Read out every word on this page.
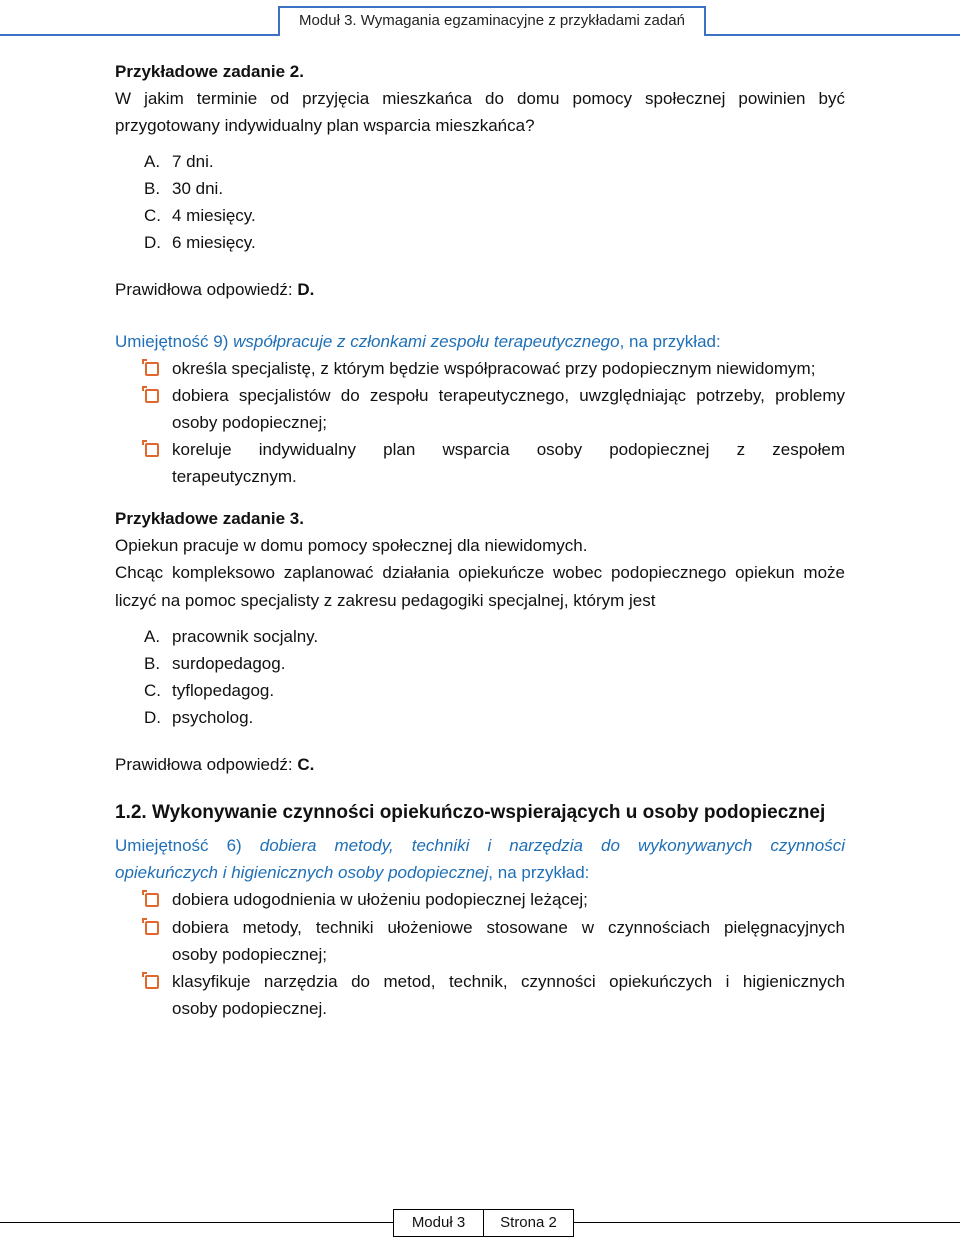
Moduł 3. Wymagania egzaminacyjne z przykładami zadań
Przykładowe zadanie 2.
W jakim terminie od przyjęcia mieszkańca do domu pomocy społecznej powinien być
przygotowany indywidualny plan wsparcia mieszkańca?
A. 7 dni.
B. 30 dni.
C. 4 miesięcy.
D. 6 miesięcy.
Prawidłowa odpowiedź: D.
Umiejętność 9) współpracuje z członkami zespołu terapeutycznego, na przykład:
określa specjalistę, z którym będzie współpracować przy podopiecznym niewidomym;
dobiera specjalistów do zespołu terapeutycznego, uwzględniając potrzeby, problemy
osoby podopiecznej;
koreluje indywidualny plan wsparcia osoby podopiecznej z zespołem
terapeutycznym.
Przykładowe zadanie 3.
Opiekun pracuje w domu pomocy społecznej dla niewidomych.
Chcąc kompleksowo zaplanować działania opiekuńcze wobec podopiecznego opiekun może
liczyć na pomoc specjalisty z zakresu pedagogiki specjalnej, którym jest
A. pracownik socjalny.
B. surdopedagog.
C. tyflopedagog.
D. psycholog.
Prawidłowa odpowiedź: C.
1.2. Wykonywanie czynności opiekuńczo-wspierających u osoby podopiecznej
Umiejętność 6) dobiera metody, techniki i narzędzia do wykonywanych czynności
opiekuńczych i higienicznych osoby podopiecznej, na przykład:
dobiera udogodnienia w ułożeniu podopiecznej leżącej;
dobiera metody, techniki ułożeniowe stosowane w czynnościach pielęgnacyjnych
osoby podopiecznej;
klasyfikuje narzędzia do metod, technik, czynności opiekuńczych i higienicznych
osoby podopiecznej.
Moduł 3	Strona 2
